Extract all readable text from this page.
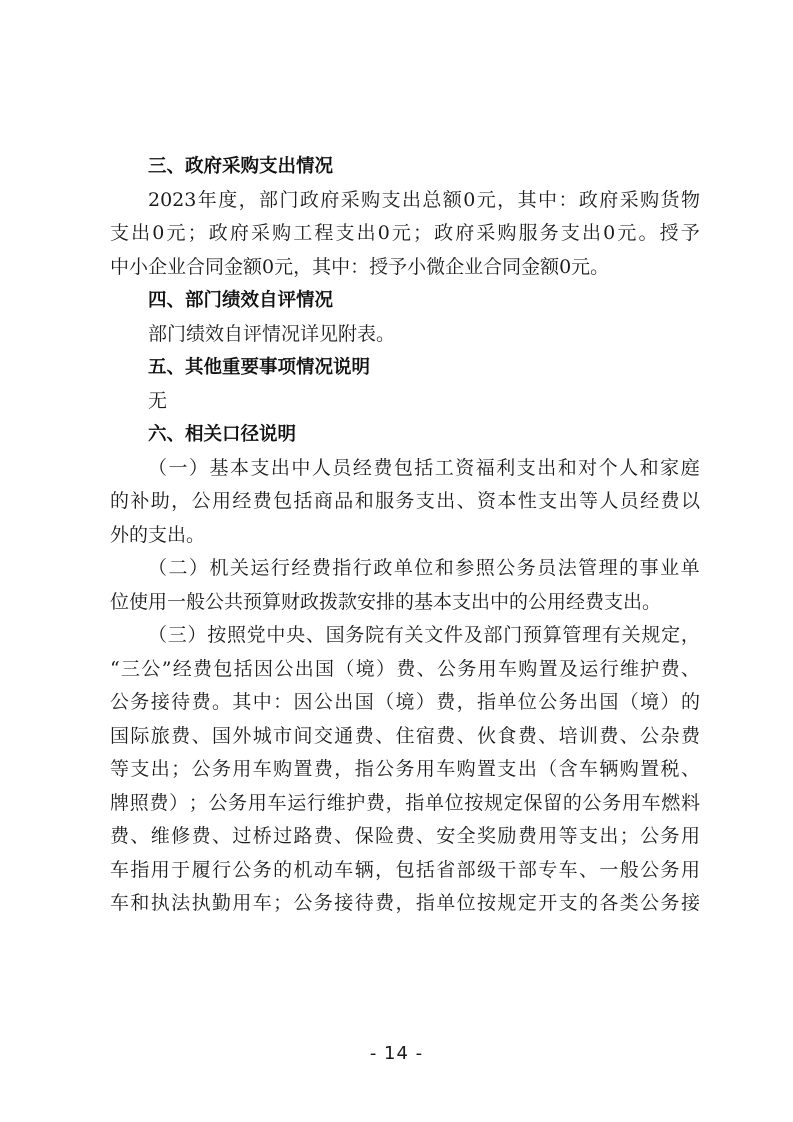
三、政府采购支出情况
2023 年 度 ， 部 门 政 府 采 购 支 出 总 额 0 元 ， 其 中 ： 政 府 采 购 货 物
支 出 0 元 ； 政 府 采 购 工 程 支 出 0 元 ； 政 府 采 购 服 务 支 出 0 元 。 授 予
中小企业合同金额0元，其中：授予小微企业合同金额0元。
四、部门绩效自评情况
部门绩效自评情况详见附表。
五、其他重要事项情况说明
无
六、相关口径说明
（ 一 ） 基 本 支 出 中 人 员 经 费 包 括 工 资 福 利 支 出 和 对 个 人 和 家 庭
的 补 助 ， 公 用 经 费 包 括 商 品 和 服 务 支 出 、 资 本 性 支 出 等 人 员 经 费 以
外的支出。
（ 二 ） 机 关 运 行 经 费 指 行 政 单 位 和 参 照 公 务 员 法 管 理 的 事 业 单
位使用一般公共预算财政拨款安排的基本支出中的公用经费支出。
（ 三 ） 按 照 党 中 央 、 国 务 院 有 关 文 件 及 部 门 预 算 管 理 有 关 规 定 ，
“ 三 公 ” 经 费 包 括 因 公 出 国 （ 境 ） 费 、 公 务 用 车 购 置 及 运 行 维 护 费 、
公 务 接 待 费 。 其 中 ： 因 公 出 国 （ 境 ） 费 ， 指 单 位 公 务 出 国 （ 境 ） 的
国 际 旅 费 、 国 外 城 市 间 交 通 费 、 住 宿 费 、 伙 食 费 、 培 训 费 、 公 杂 费
等 支 出 ； 公 务 用 车 购 置 费 ， 指 公 务 用 车 购 置 支 出 （ 含 车 辆 购 置 税 、
牌 照 费 ） ； 公 务 用 车 运 行 维 护 费 ， 指 单 位 按 规 定 保 留 的 公 务 用 车 燃 料
费 、 维 修 费 、 过 桥 过 路 费 、 保 险 费 、 安 全 奖 励 费 用 等 支 出 ； 公 务 用
车 指 用 于 履 行 公 务 的 机 动 车 辆 ， 包 括 省 部 级 干 部 专 车 、 一 般 公 务 用
车 和 执 法 执 勤 用 车 ； 公 务 接 待 费 ， 指 单 位 按 规 定 开 支 的 各 类 公 务 接
- 14 -
